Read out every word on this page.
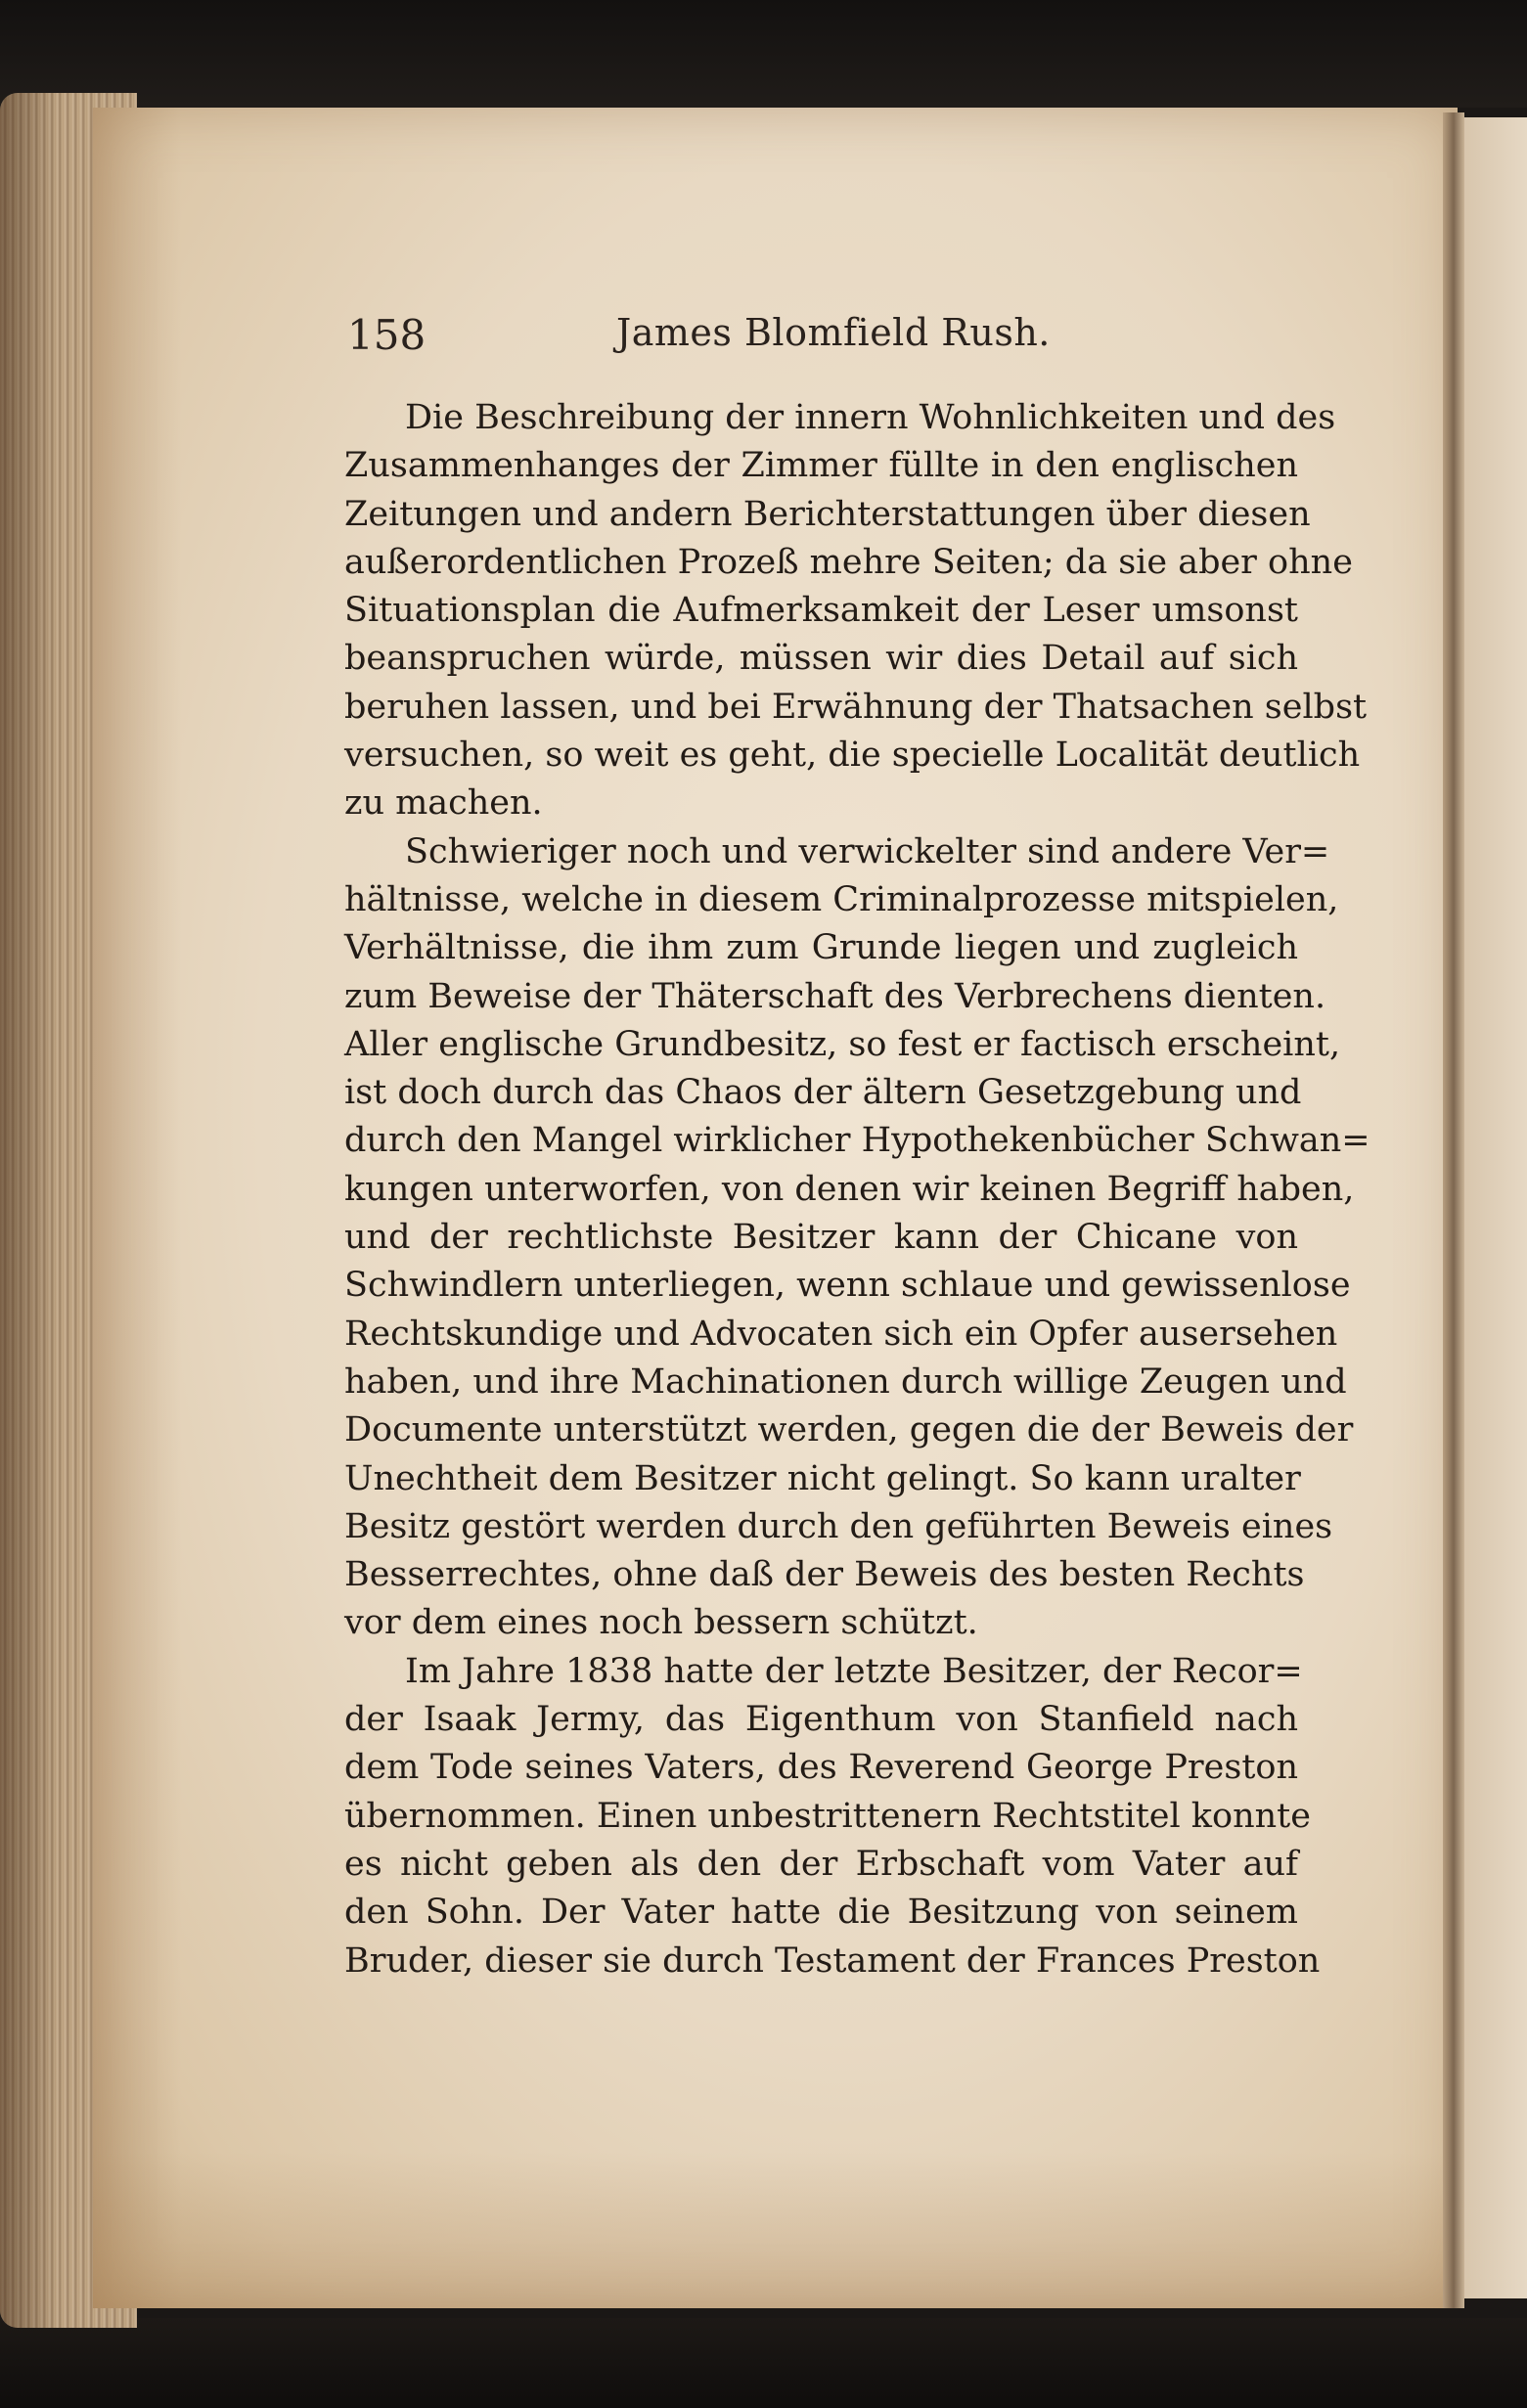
158	James Blomfield Rush.
Die Beschreibung der innern Wohnlichkeiten und des
Zusammenhanges der Zimmer füllte in den englischen
Zeitungen und andern Berichterstattungen über diesen
außerordentlichen Prozeß mehre Seiten; da sie aber ohne
Situationsplan die Aufmerksamkeit der Leser umsonst
beanspruchen würde, müssen wir dies Detail auf sich
beruhen lassen, und bei Erwähnung der Thatsachen selbst
versuchen, so weit es geht, die specielle Localität deutlich
zu machen.
Schwieriger noch und verwickelter sind andere Ver=
hältnisse, welche in diesem Criminalprozesse mitspielen,
Verhältnisse, die ihm zum Grunde liegen und zugleich
zum Beweise der Thäterschaft des Verbrechens dienten.
Aller englische Grundbesitz, so fest er factisch erscheint,
ist doch durch das Chaos der ältern Gesetzgebung und
durch den Mangel wirklicher Hypothekenbücher Schwan=
kungen unterworfen, von denen wir keinen Begriff haben,
und der rechtlichste Besitzer kann der Chicane von
Schwindlern unterliegen, wenn schlaue und gewissenlose
Rechtskundige und Advocaten sich ein Opfer ausersehen
haben, und ihre Machinationen durch willige Zeugen und
Documente unterstützt werden, gegen die der Beweis der
Unechtheit dem Besitzer nicht gelingt. So kann uralter
Besitz gestört werden durch den geführten Beweis eines
Besserrechtes, ohne daß der Beweis des besten Rechts
vor dem eines noch bessern schützt.
Im Jahre 1838 hatte der letzte Besitzer, der Recor=
der Isaak Jermy, das Eigenthum von Stanfield nach
dem Tode seines Vaters, des Reverend George Preston
übernommen. Einen unbestrittenern Rechtstitel konnte
es nicht geben als den der Erbschaft vom Vater auf
den Sohn. Der Vater hatte die Besitzung von seinem
Bruder, dieser sie durch Testament der Frances Preston
